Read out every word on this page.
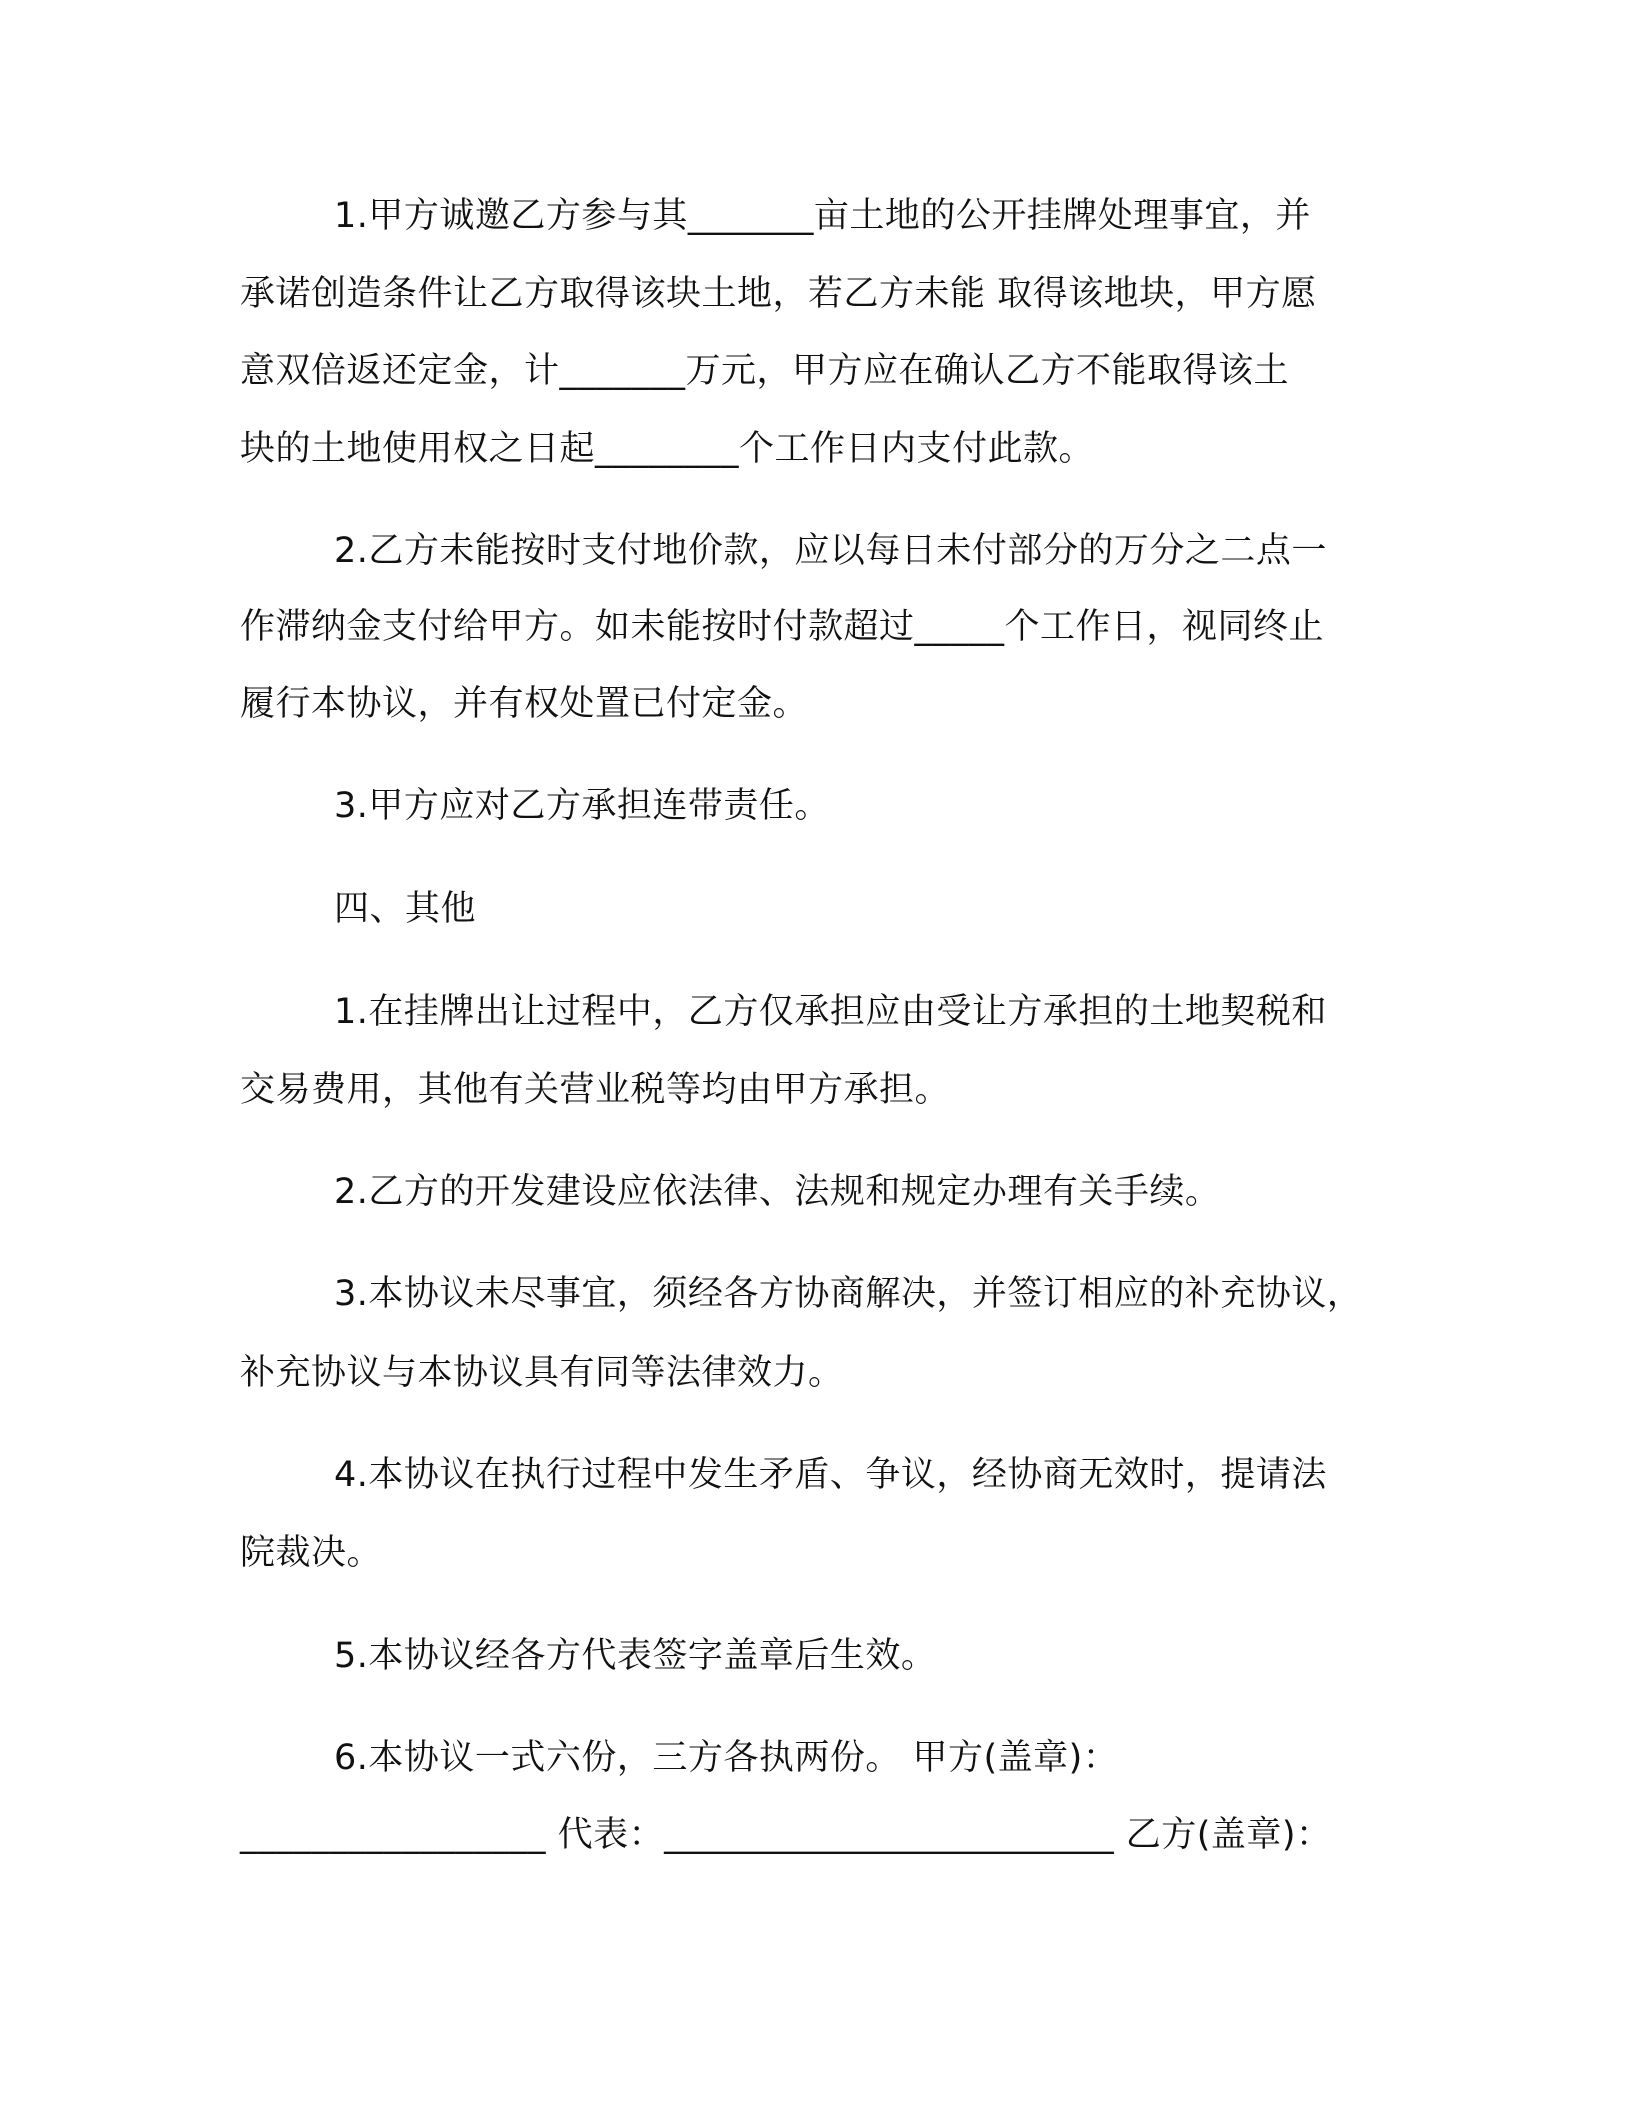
1.甲方诚邀乙方参与其_______亩土地的公开挂牌处理事宜，并
承诺创造条件让乙方取得该块土地，若乙方未能 取得该地块，甲方愿
意双倍返还定金，计_______万元，甲方应在确认乙方不能取得该土
块的土地使用权之日起________个工作日内支付此款。
2.乙方未能按时支付地价款，应以每日未付部分的万分之二点一
作滞纳金支付给甲方。如未能按时付款超过_____个工作日，视同终止
履行本协议，并有权处置已付定金。
3.甲方应对乙方承担连带责任。
四、其他
1.在挂牌出让过程中，乙方仅承担应由受让方承担的土地契税和
交易费用，其他有关营业税等均由甲方承担。
2.乙方的开发建设应依法律、法规和规定办理有关手续。
3.本协议未尽事宜，须经各方协商解决，并签订相应的补充协议，
补充协议与本协议具有同等法律效力。
4.本协议在执行过程中发生矛盾、争议，经协商无效时，提请法
院裁决。
5.本协议经各方代表签字盖章后生效。
6.本协议一式六份，三方各执两份。 甲方(盖章)：
_________________ 代表：_________________________ 乙方(盖章)：
